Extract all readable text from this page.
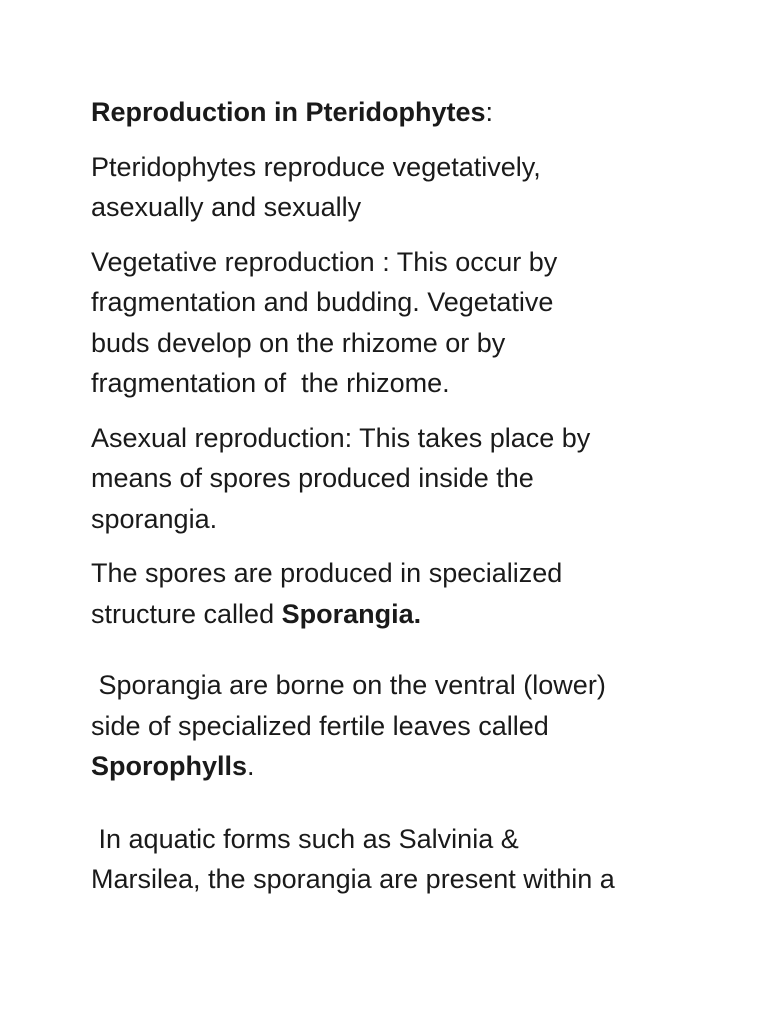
Reproduction in Pteridophytes:

Pteridophytes reproduce vegetatively,
asexually and sexually

Vegetative reproduction : This occur by
fragmentation and budding. Vegetative
buds develop on the rhizome or by
fragmentation of  the rhizome.

Asexual reproduction: This takes place by
means of spores produced inside the
sporangia.

The spores are produced in specialized
structure called Sporangia.

Sporangia are borne on the ventral (lower)
side of specialized fertile leaves called
Sporophylls.

In aquatic forms such as Salvinia &
Marsilea, the sporangia are present within a
